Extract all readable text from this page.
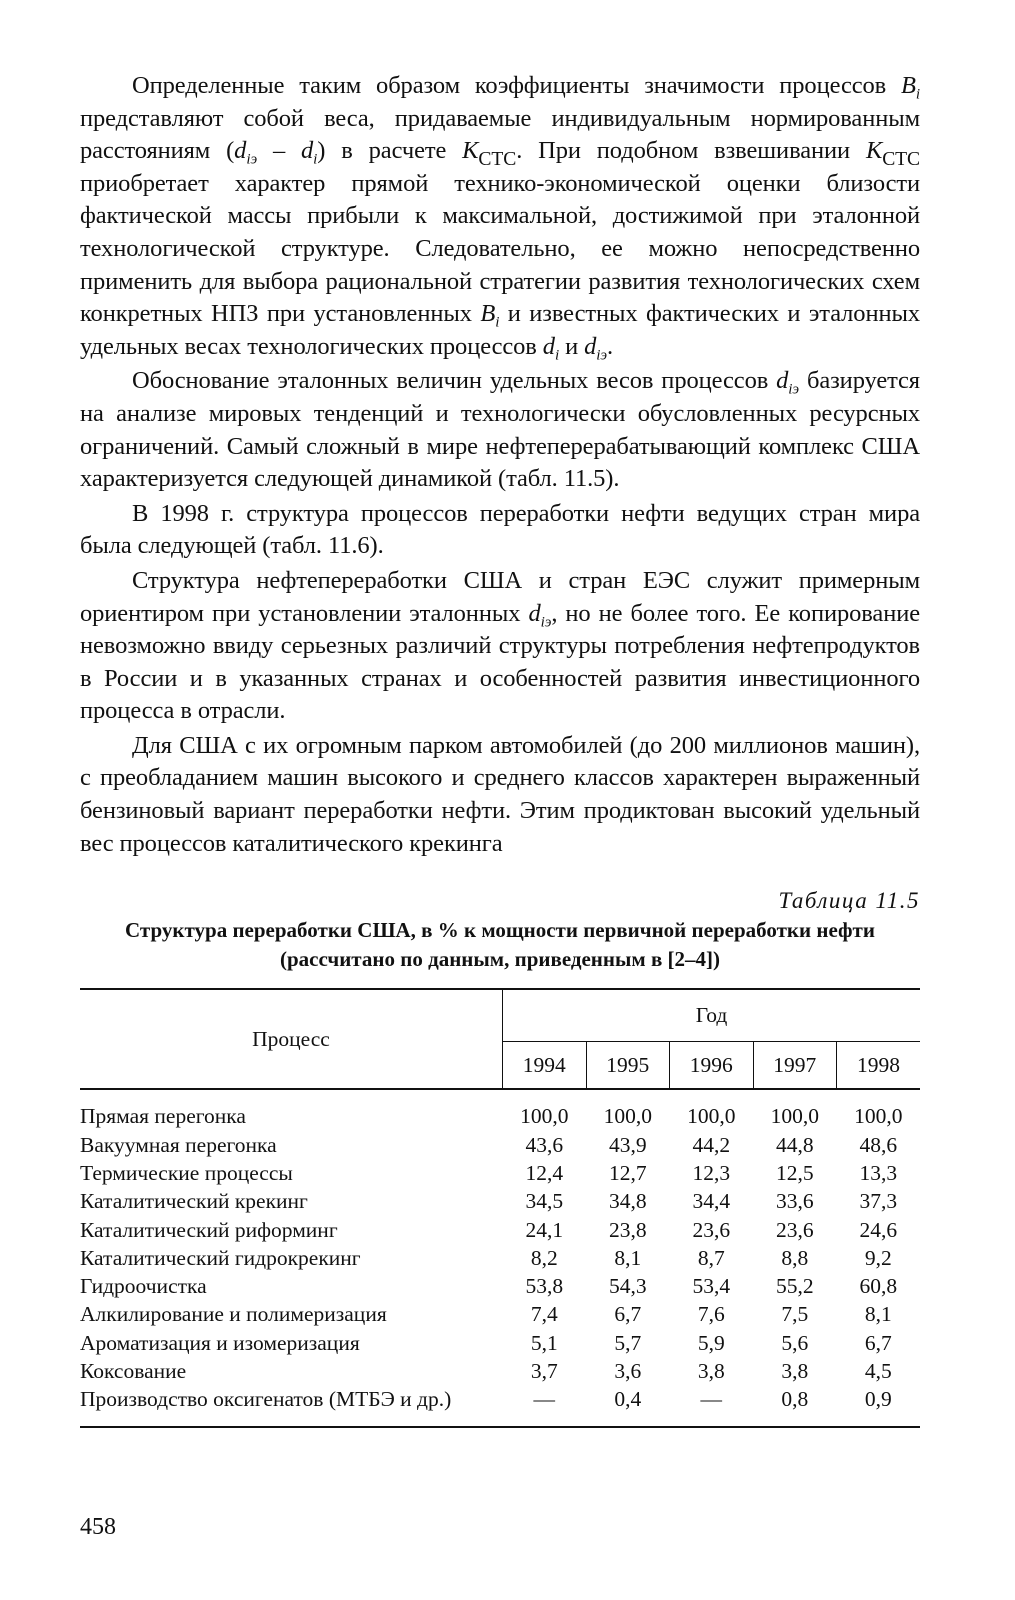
Определенные таким образом коэффициенты значимости процессов $B_i$ представляют собой веса, придаваемые индивидуальным нормированным расстояниям $(d_{iэ} - d_i)$ в расчете $K_{СТС}$. При подобном взвешивании $K_{СТС}$ приобретает характер прямой технико-экономической оценки близости фактической массы прибыли к максимальной, достижимой при эталонной технологической структуре. Следовательно, ее можно непосредственно применить для выбора рациональной стратегии развития технологических схем конкретных НПЗ при установленных $B_i$ и известных фактических и эталонных удельных весах технологических процессов $d_i$ и $d_{iэ}$.

Обоснование эталонных величин удельных весов процессов $d_{iэ}$ базируется на анализе мировых тенденций и технологически обусловленных ресурсных ограничений. Самый сложный в мире нефтеперерабатывающий комплекс США характеризуется следующей динамикой (табл. 11.5).

В 1998 г. структура процессов переработки нефти ведущих стран мира была следующей (табл. 11.6).

Структура нефтепереработки США и стран ЕЭС служит примерным ориентиром при установлении эталонных $d_{iэ}$, но не более того. Ее копирование невозможно ввиду серьезных различий структуры потребления нефтепродуктов в России и в указанных странах и особенностей развития инвестиционного процесса в отрасли.

Для США с их огромным парком автомобилей (до 200 миллионов машин), с преобладанием машин высокого и среднего классов характерен выраженный бензиновый вариант переработки нефти. Этим продиктован высокий удельный вес процессов каталитического крекинга

Таблица 11.5

Структура переработки США, в % к мощности первичной переработки нефти
(рассчитано по данным, приведенным в [2–4])

Процесс	Год				
	1994	1995	1996	1997	1998
Прямая перегонка	100,0	100,0	100,0	100,0	100,0
Вакуумная перегонка	43,6	43,9	44,2	44,8	48,6
Термические процессы	12,4	12,7	12,3	12,5	13,3
Каталитический крекинг	34,5	34,8	34,4	33,6	37,3
Каталитический риформинг	24,1	23,8	23,6	23,6	24,6
Каталитический гидрокрекинг	8,2	8,1	8,7	8,8	9,2
Гидроочистка	53,8	54,3	53,4	55,2	60,8
Алкилирование и полимеризация	7,4	6,7	7,6	7,5	8,1
Ароматизация и изомеризация	5,1	5,7	5,9	5,6	6,7
Коксование	3,7	3,6	3,8	3,8	4,5
Производство оксигенатов (МТБЭ и др.)	—	0,4	—	0,8	0,9
458
